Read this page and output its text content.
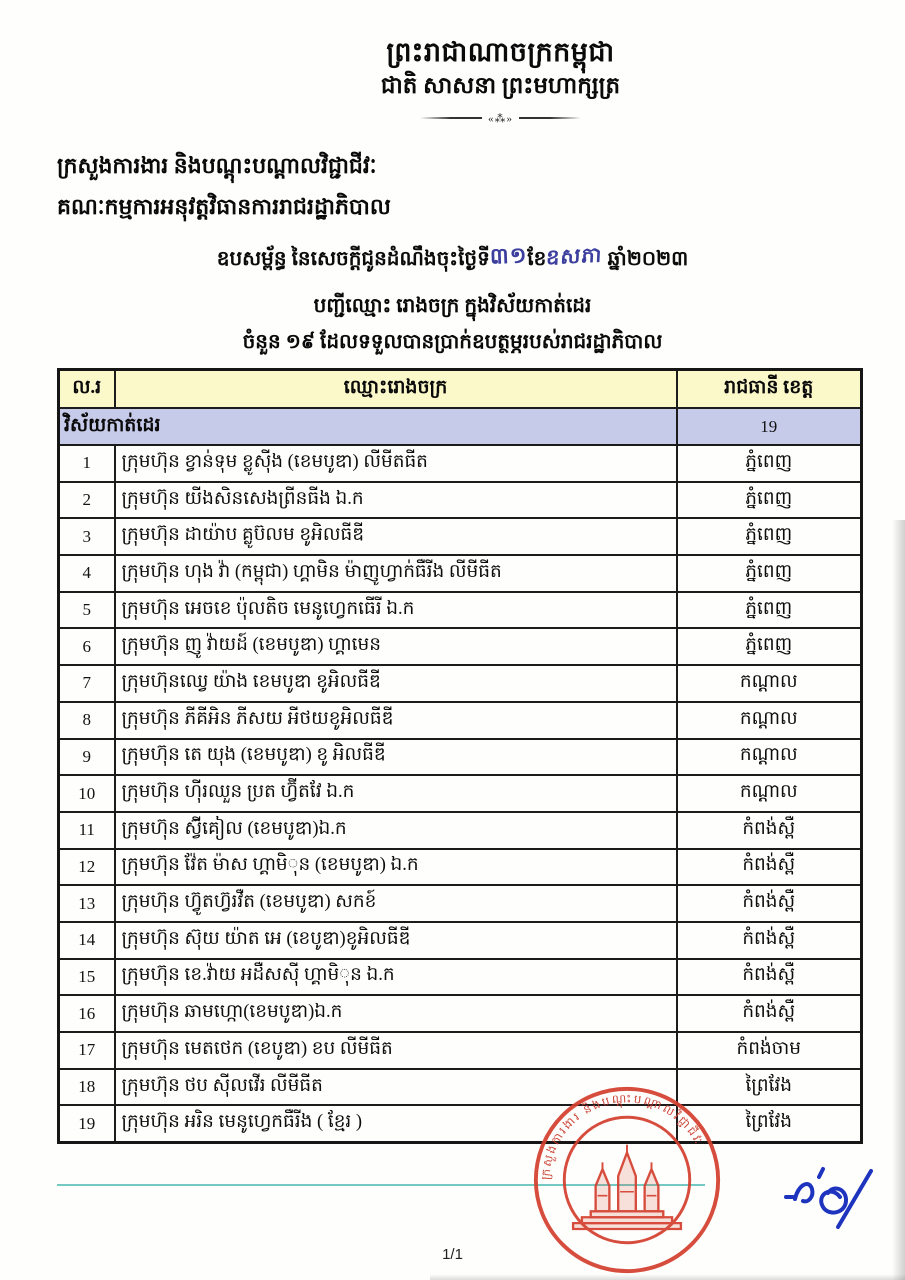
ព្រះរាជាណាចក្រកម្ពុជា
ជាតិ សាសនា ព្រះមហាក្សត្រ
«⁂»
ក្រសួងការងារ និងបណ្តុះបណ្តាលវិជ្ជាជីវៈ
គណៈកម្មការអនុវត្តវិធានការរាជរដ្ឋាភិបាល
ឧបសម្ព័ន្ធ នៃសេចក្តីជូនដំណឹងចុះថ្ងៃទី៣១ខែឧសភា ឆ្នាំ២០២៣
បញ្ជីឈ្មោះ រោងចក្រ ក្នុងវិស័យកាត់ដេរ
ចំនួន ១៩ ដែលទទួលបានប្រាក់ឧបត្ថម្ភរបស់រាជរដ្ឋាភិបាល
ល.រ	ឈ្មោះរោងចក្រ	រាជធានី ខេត្ត
វិស័យកាត់ដេរ		19
1	ក្រុមហ៊ុន ខ្វាន់ទុម ខ្លូស៊ីង (ខេមបូឌា) លីមីតធីត	ភ្នំពេញ
2	ក្រុមហ៊ុន យីងសិនសេងព្រីនធីង ឯ.ក	ភ្នំពេញ
3	ក្រុមហ៊ុន ដាយ៉ាប គ្លូប៊លម ខូអិលធីឌី	ភ្នំពេញ
4	ក្រុមហ៊ុន ហុង វ៉ា (កម្ពុជា) ហ្គាមិន ម៉ាញូហ្វាក់ធឺរីង លីមីធីត	ភ្នំពេញ
5	ក្រុមហ៊ុន អេចខេ ប៉ុលតិច មេនូហ្វេកធើរី ឯ.ក	ភ្នំពេញ
6	ក្រុមហ៊ុន ញូ វ៉ាយដ៍ (ខេមបូឌា) ហ្គាមេន	ភ្នំពេញ
7	ក្រុមហ៊ុនឈ្វេ យ៉ាង ខេមបូឌា ខូអិលធីឌី	កណ្តាល
8	ក្រុមហ៊ុន ភីគីអិន ភីសយ អីថយខូអិលធីឌី	កណ្តាល
9	ក្រុមហ៊ុន តេ យុង (ខេមបូឌា) ខូ អិលធីឌី	កណ្តាល
10	ក្រុមហ៊ុន ហ៊ីរឈួន ប្រត ហ្វ៊ីតវែ ឯ.ក	កណ្តាល
11	ក្រុមហ៊ុន ស៊្វីគៀល (ខេមបូឌា)ឯ.ក	កំពង់ស្ពឺ
12	ក្រុមហ៊ុន វ៉ែត ម៉ាស ហ្គាមិុន (ខេមបូឌា) ឯ.ក	កំពង់ស្ពឺ
13	ក្រុមហ៊ុន ហ៊្វូតហ៊្វរវឺត (ខេមបូឌា) សកខ៍	កំពង់ស្ពឺ
14	ក្រុមហ៊ុន ស៊ុយ យ៉ាត អេ (ខេបូឌា)ខូអិលធីឌី	កំពង់ស្ពឺ
15	ក្រុមហ៊ុន ខេ.វ៉ាយ អដឺសស៊ី ហ្គាមិុន ឯ.ក	កំពង់ស្ពឺ
16	ក្រុមហ៊ុន ឆាមហ្កោ(ខេមបូឌា)ឯ.ក	កំពង់ស្ពឺ
17	ក្រុមហ៊ុន មេតថេក (ខេបូឌា) ខប លីមីធីត	កំពង់ចាម
18	ក្រុមហ៊ុន ថប ស៊ីលវើរ លីមីធីត	ព្រៃវែង
19	ក្រុមហ៊ុន អរិន មេនូហ្វេកធឺរីង ( ខ្មែរ )	ព្រៃវែង
ក្រសួងការងារ និងបណ្តុះបណ្តាលវិជ្ជាជីវៈ
1/1
